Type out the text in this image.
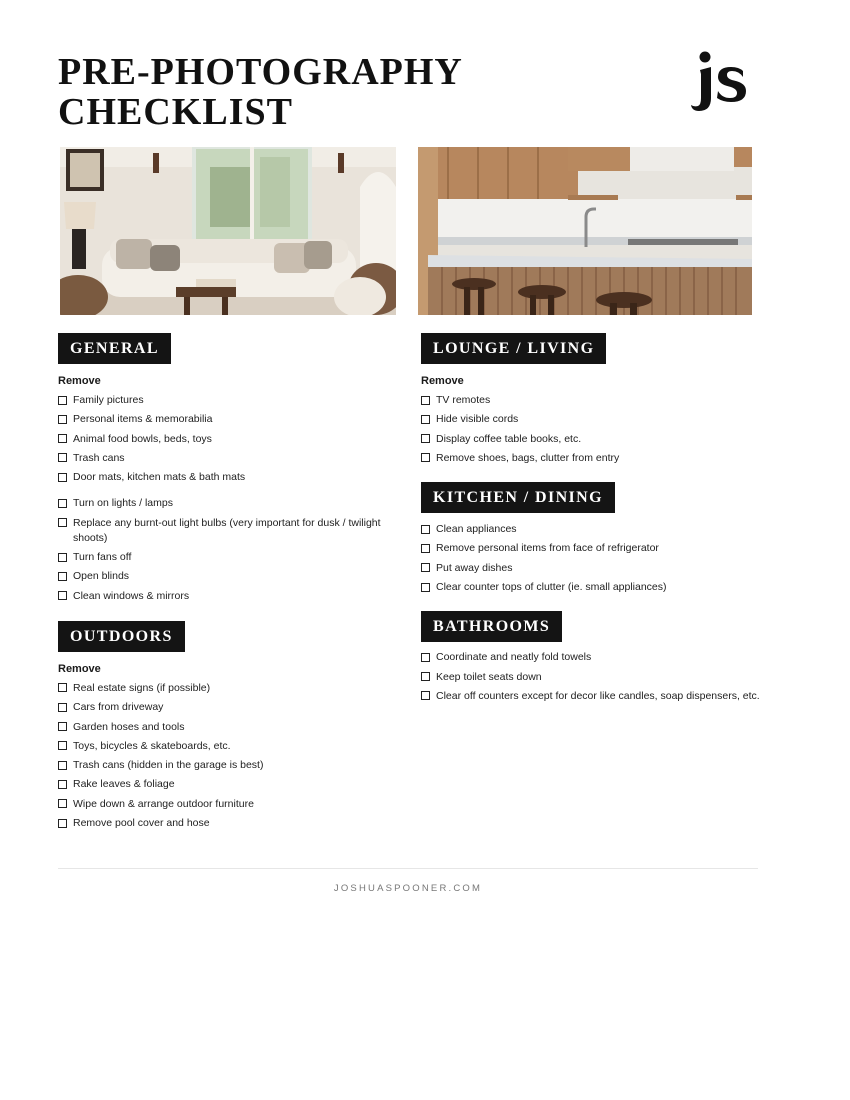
PRE-PHOTOGRAPHY
CHECKLIST
GENERAL
Remove
Family pictures
Personal items & memorabilia
Animal food bowls, beds, toys
Trash cans
Door mats, kitchen mats & bath mats
Turn on lights / lamps
Replace any burnt-out light bulbs (very important for dusk / twilight shoots)
Turn fans off
Open blinds
Clean windows & mirrors
OUTDOORS
Remove
Real estate signs (if possible)
Cars from driveway
Garden hoses and tools
Toys, bicycles & skateboards, etc.
Trash cans (hidden in the garage is best)
Rake leaves & foliage
Wipe down & arrange outdoor furniture
Remove pool cover and hose
LOUNGE / LIVING
Remove
TV remotes
Hide visible cords
Display coffee table books, etc.
Remove shoes, bags, clutter from entry
KITCHEN / DINING
Clean appliances
Remove personal items from face of refrigerator
Put away dishes
Clear counter tops of clutter (ie. small appliances)
BATHROOMS
Coordinate and neatly fold towels
Keep toilet seats down
Clear off counters except for decor like candles, soap dispensers, etc.
JOSHUASPOONER.COM
